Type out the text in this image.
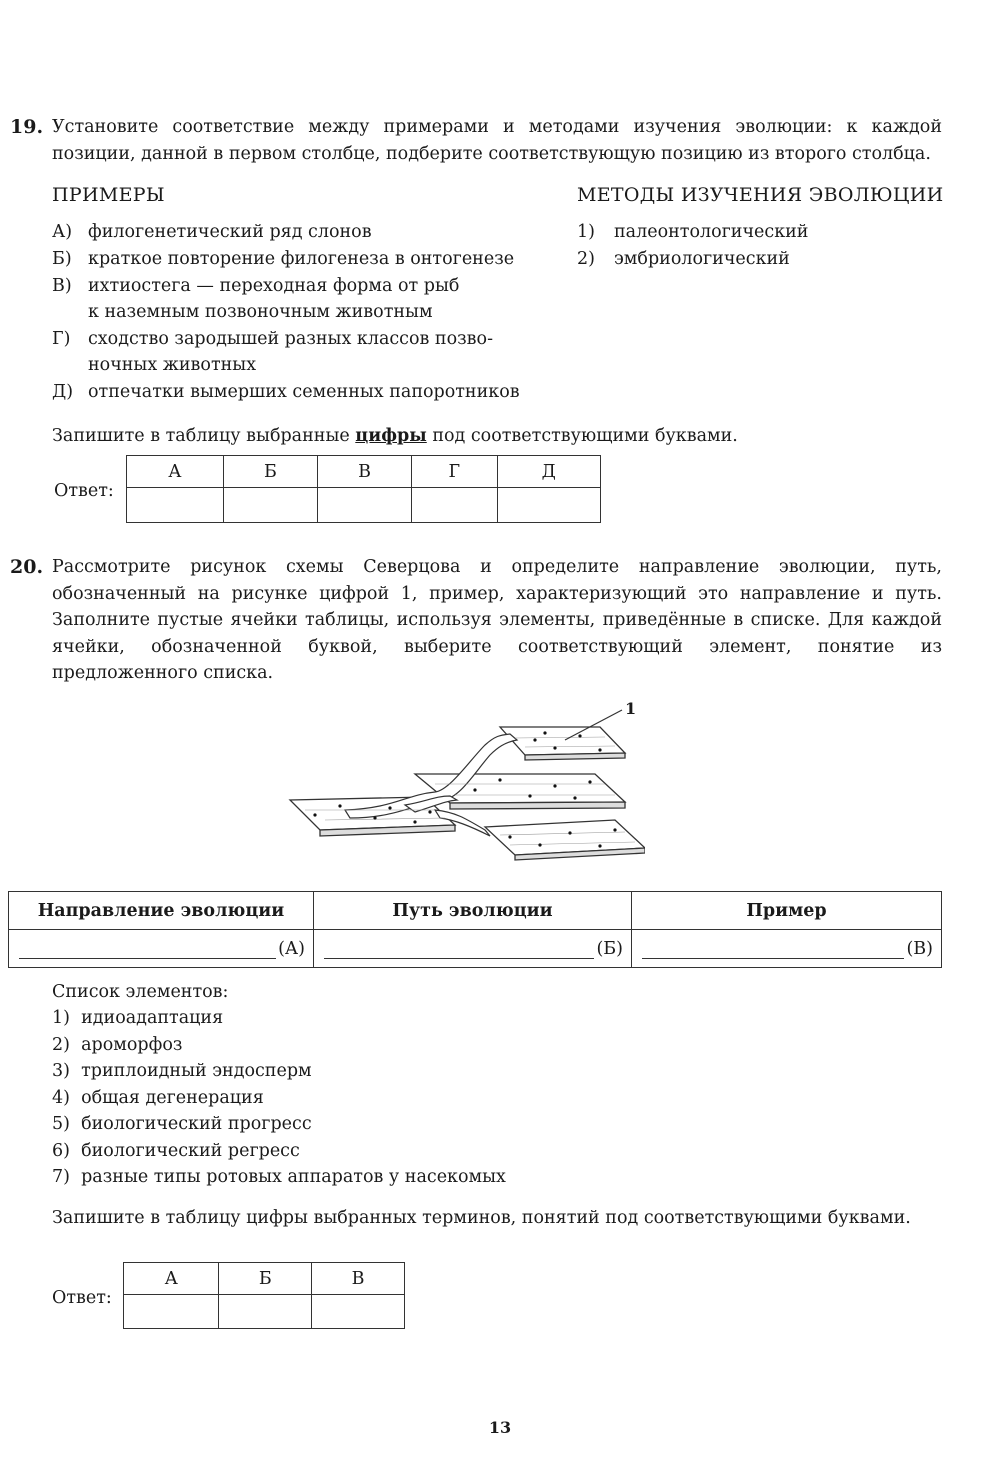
19. Установите соответствие между примерами и методами изучения эволюции: к каждой позиции, данной в первом столбце, подберите соответствующую позицию из второго столбца.
ПРИМЕРЫ	МЕТОДЫ ИЗУЧЕНИЯ ЭВОЛЮЦИИ
А) филогенетический ряд слонов
Б) краткое повторение филогенеза в онтогенезе
В) ихтиостега — переходная форма от рыб
к наземным позвоночным животным
Г) сходство зародышей разных классов позво-
ночных животных
Д) отпечатки вымерших семенных папоротников
1) палеонтологический
2) эмбриологический
Запишите в таблицу выбранные цифры под соответствующими буквами.
Ответ:
А	Б	В	Г	Д

20. Рассмотрите рисунок схемы Северцова и определите направление эволюции, путь, обозначенный на рисунке цифрой 1, пример, характеризующий это направление и путь. Заполните пустые ячейки таблицы, используя элементы, приведённые в списке. Для каждой ячейки, обозначенной буквой, выберите соответствующий элемент, понятие из предложенного списка.
1
Направление эволюции	Путь эволюции	Пример

(А)	(Б)	(В)
Список элементов:
1) идиоадаптация
2) ароморфоз
3) триплоидный эндосперм
4) общая дегенерация
5) биологический прогресс
6) биологический регресс
7) разные типы ротовых аппаратов у насекомых
Запишите в таблицу цифры выбранных терминов, понятий под соответствующими буквами.
Ответ:
А	Б	В

13
